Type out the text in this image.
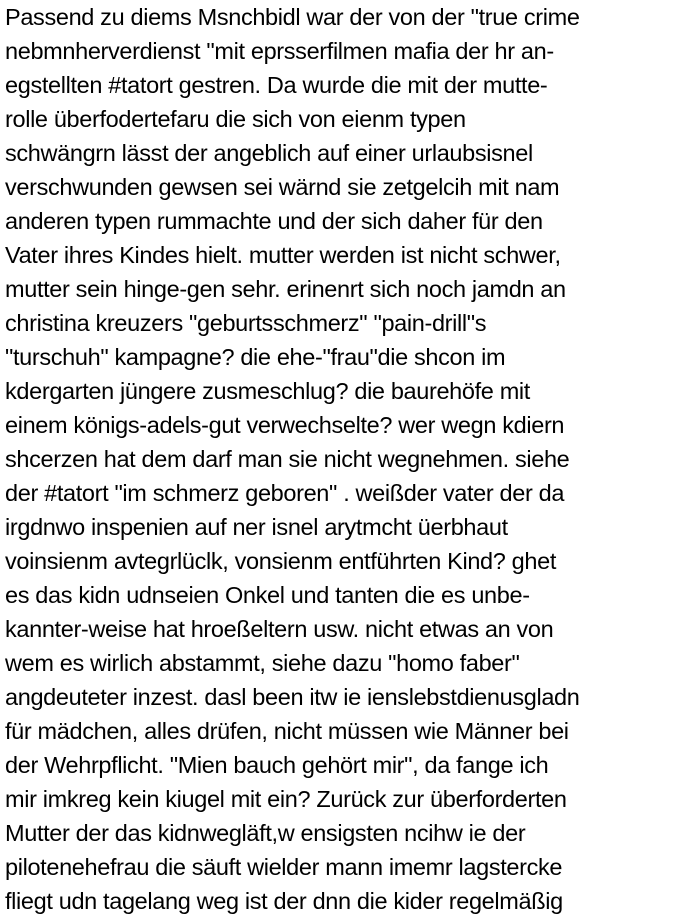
Passend zu diems Msnchbidl war der von der "true crime
nebmnherverdienst "mit eprsserfilmen mafia der hr an-
egstellten #tatort gestren. Da wurde die mit der mutte-
rolle überfodertefaru die sich von eienm typen
schwängrn lässt der angeblich auf einer urlaubsisnel
verschwunden gewsen sei wärnd sie zetgelcih mit nam
anderen typen rummachte und der sich daher für den
Vater ihres Kindes hielt. mutter werden ist nicht schwer,
mutter sein hinge-gen sehr. erinenrt sich noch jamdn an
christina kreuzers "geburtsschmerz" "pain-drill"s
"turschuh" kampagne? die ehe-"frau"die shcon im
kdergarten jüngere zusmeschlug? die baurehöfe mit
einem königs-adels-gut verwechselte? wer wegn kdiern
shcerzen hat dem darf man sie nicht wegnehmen. siehe
der #tatort "im schmerz geboren" . weißder vater der da
irgdnwo inspenien auf ner isnel arytmcht üerbhaut
voinsienm avtegrlüclk, vonsienm entführten Kind? ghet
es das kidn udnseien Onkel und tanten die es unbe-
kannter-weise hat hroeßeltern usw. nicht etwas an von
wem es wirlich abstammt, siehe dazu "homo faber"
angdeuteter inzest. dasl been itw ie ienslebstdienusgladn
für mädchen, alles drüfen, nicht müssen wie Männer bei
der Wehrpflicht. "Mien bauch gehört mir", da fange ich
mir imkreg kein kiugel mit ein? Zurück zur überforderten
Mutter der das kidnwegläft,w ensigsten ncihw ie der
pilotenehefrau die säuft wielder mann imemr lagstercke
fliegt udn tagelang weg ist der dnn die kider regelmäßig
